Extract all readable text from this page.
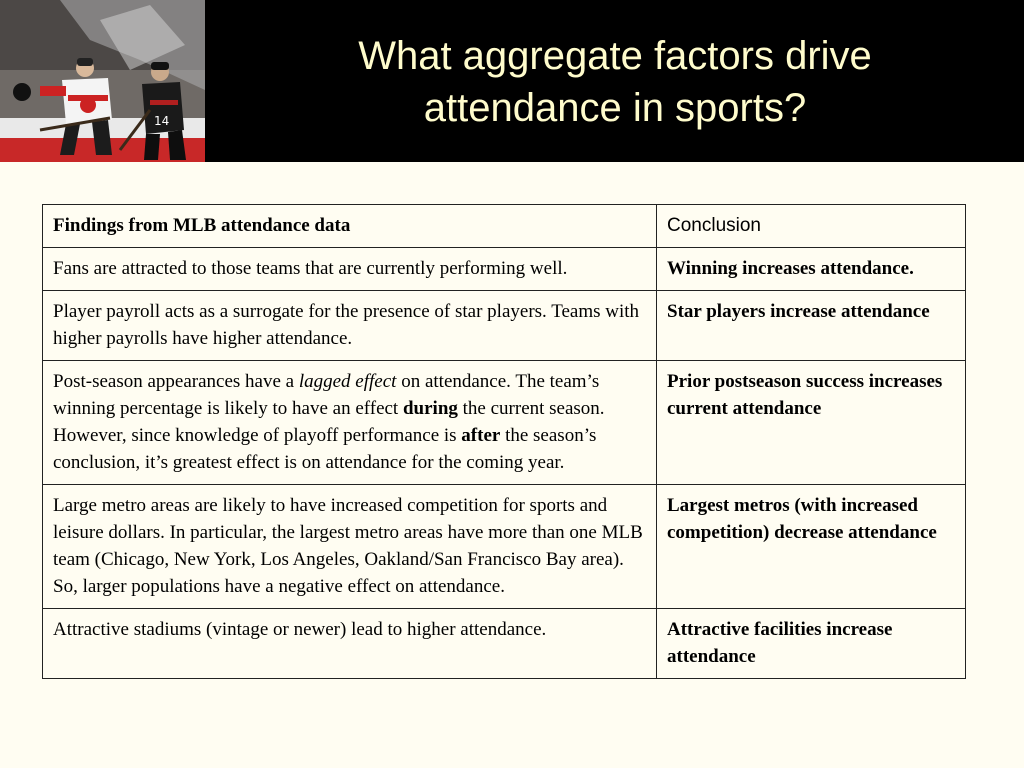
14
What aggregate factors drive
attendance in sports?
Findings from MLB attendance data	Conclusion
Fans are attracted to those teams that are currently performing well.	Winning increases attendance.
Player payroll acts as a surrogate for the presence of star players. Teams with higher payrolls have higher attendance.	Star players increase attendance
Post-season appearances have a lagged effect on attendance. The team’s winning percentage is likely to have an effect during the current season. However, since knowledge of playoff performance is after the season’s conclusion, it’s greatest effect is on attendance for the coming year.	Prior postseason success increases current attendance
Large metro areas are likely to have increased competition for sports and leisure dollars. In particular, the largest metro areas have more than one MLB team (Chicago, New York, Los Angeles, Oakland/San Francisco Bay area). So, larger populations have a negative effect on attendance.	Largest metros (with increased competition) decrease attendance
Attractive stadiums (vintage or newer) lead to higher attendance.	Attractive facilities increase attendance
